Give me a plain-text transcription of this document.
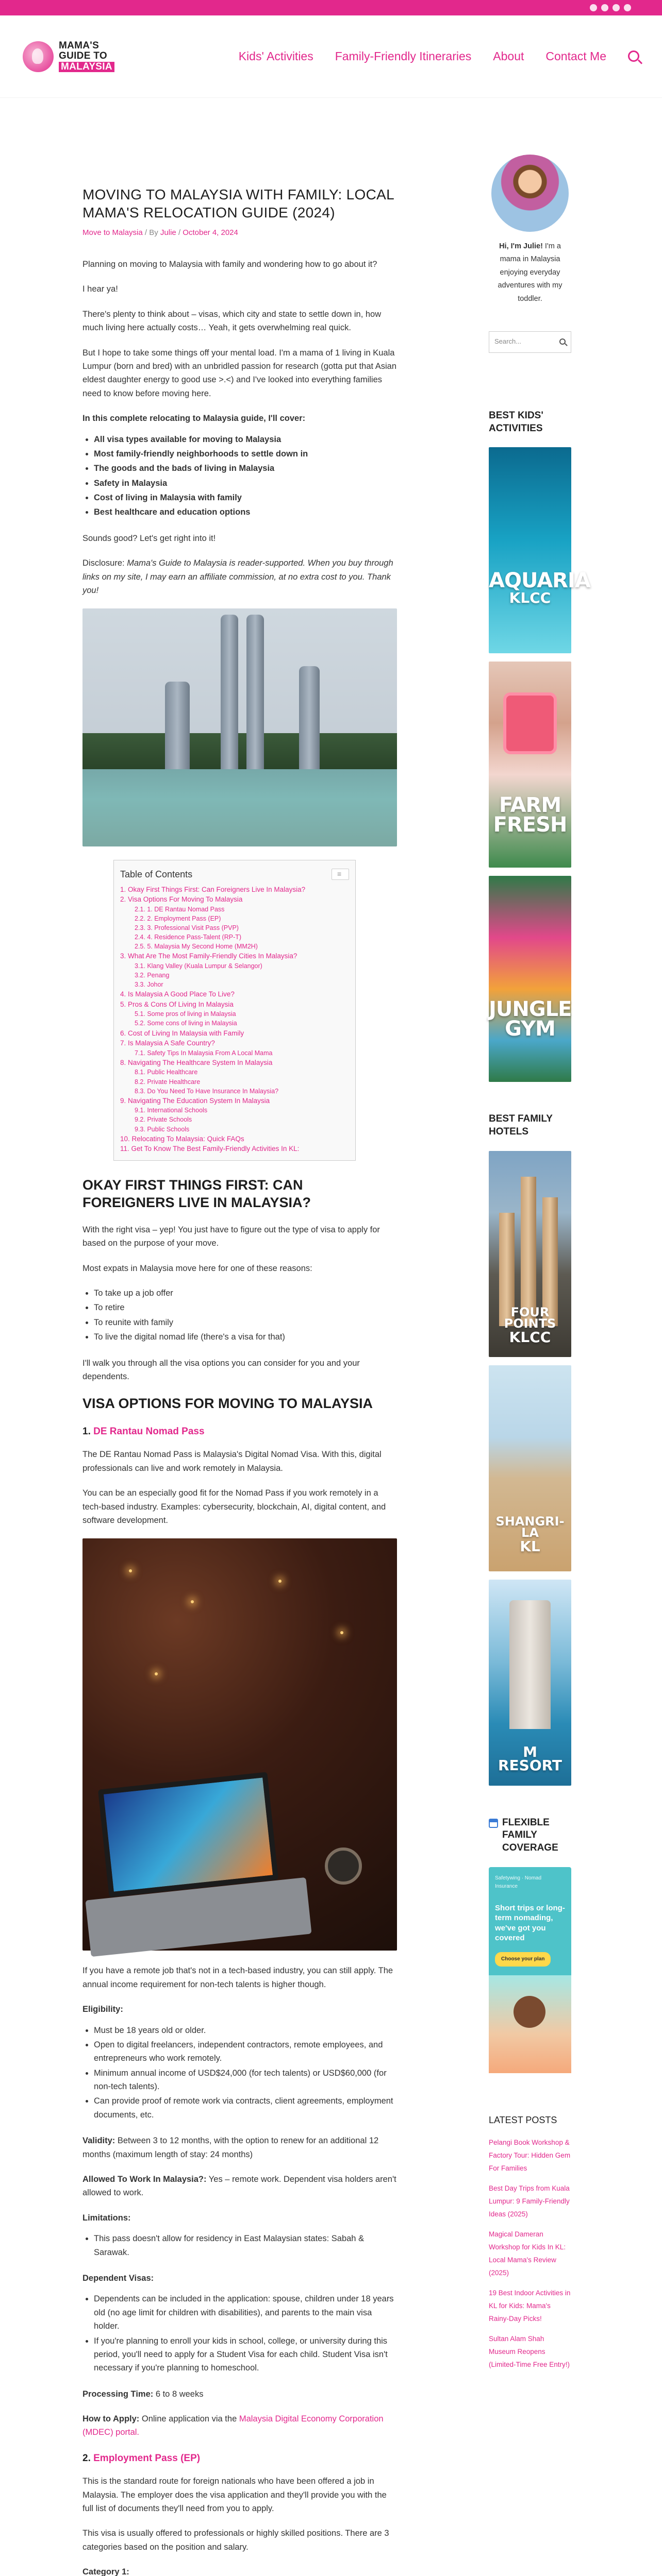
MAMA'S
GUIDE TO
MALAYSIA
Kids' Activities Family-Friendly Itineraries About Contact Me
MOVING TO MALAYSIA WITH FAMILY: LOCAL MAMA'S RELOCATION GUIDE (2024)
Move to Malaysia / By Julie / October 4, 2024

Planning on moving to Malaysia with family and wondering how to go about it?

I hear ya!

There's plenty to think about – visas, which city and state to settle down in, how much living here actually costs… Yeah, it gets overwhelming real quick.

But I hope to take some things off your mental load. I'm a mama of 1 living in Kuala Lumpur (born and bred) with an unbridled passion for research (gotta put that Asian eldest daughter energy to good use >.<) and I've looked into everything families need to know before moving here.

In this complete relocating to Malaysia guide, I'll cover:

• All visa types available for moving to Malaysia
• Most family-friendly neighborhoods to settle down in
• The goods and the bads of living in Malaysia
• Safety in Malaysia
• Cost of living in Malaysia with family
• Best healthcare and education options

Sounds good? Let's get right into it!

Disclosure: Mama's Guide to Malaysia is reader-supported. When you buy through links on my site, I may earn an affiliate commission, at no extra cost to you. Thank you!

Table of Contents
≡
1. Okay First Things First: Can Foreigners Live In Malaysia?
2. Visa Options For Moving To Malaysia
2.1. 1. DE Rantau Nomad Pass
2.2. 2. Employment Pass (EP)
2.3. 3. Professional Visit Pass (PVP)
2.4. 4. Residence Pass-Talent (RP-T)
2.5. 5. Malaysia My Second Home (MM2H)
3. What Are The Most Family-Friendly Cities In Malaysia?
3.1. Klang Valley (Kuala Lumpur & Selangor)
3.2. Penang
3.3. Johor
4. Is Malaysia A Good Place To Live?
5. Pros & Cons Of Living In Malaysia
5.1. Some pros of living in Malaysia
5.2. Some cons of living in Malaysia
6. Cost of Living In Malaysia with Family
7. Is Malaysia A Safe Country?
7.1. Safety Tips In Malaysia From A Local Mama
8. Navigating The Healthcare System In Malaysia
8.1. Public Healthcare
8.2. Private Healthcare
8.3. Do You Need To Have Insurance In Malaysia?
9. Navigating The Education System In Malaysia
9.1. International Schools
9.2. Private Schools
9.3. Public Schools
10. Relocating To Malaysia: Quick FAQs
11. Get To Know The Best Family-Friendly Activities In KL:
OKAY FIRST THINGS FIRST: CAN FOREIGNERS LIVE IN MALAYSIA?

With the right visa – yep! You just have to figure out the type of visa to apply for based on the purpose of your move.

Most expats in Malaysia move here for one of these reasons:

• To take up a job offer
• To retire
• To reunite with family
• To live the digital nomad life (there's a visa for that)

I'll walk you through all the visa options you can consider for you and your dependents.

VISA OPTIONS FOR MOVING TO MALAYSIA
1. DE Rantau Nomad Pass

The DE Rantau Nomad Pass is Malaysia's Digital Nomad Visa. With this, digital professionals can live and work remotely in Malaysia.

You can be an especially good fit for the Nomad Pass if you work remotely in a tech-based industry. Examples: cybersecurity, blockchain, AI, digital content, and software development.

If you have a remote job that's not in a tech-based industry, you can still apply. The annual income requirement for non-tech talents is higher though.

Eligibility:

• Must be 18 years old or older.
• Open to digital freelancers, independent contractors, remote employees, and entrepreneurs who work remotely.
• Minimum annual income of USD$24,000 (for tech talents) or USD$60,000 (for non-tech talents).
• Can provide proof of remote work via contracts, client agreements, employment documents, etc.

Validity: Between 3 to 12 months, with the option to renew for an additional 12 months (maximum length of stay: 24 months)

Allowed To Work In Malaysia?: Yes – remote work. Dependent visa holders aren't allowed to work.

Limitations:

• This pass doesn't allow for residency in East Malaysian states: Sabah & Sarawak.

Dependent Visas:

• Dependents can be included in the application: spouse, children under 18 years old (no age limit for children with disabilities), and parents to the main visa holder.
• If you're planning to enroll your kids in school, college, or university during this period, you'll need to apply for a Student Visa for each child. Student Visa isn't necessary if you're planning to homeschool.

Processing Time: 6 to 8 weeks

How to Apply: Online application via the Malaysia Digital Economy Corporation (MDEC) portal.

2. Employment Pass (EP)

This is the standard route for foreign nationals who have been offered a job in Malaysia. The employer does the visa application and they'll provide you with the full list of documents they'll need from you to apply.

This visa is usually offered to professionals or highly skilled positions. There are 3 categories based on the position and salary.

Category 1:

Hi, I'm Julie! I'm a mama in Malaysia enjoying everyday adventures with my toddler.
Search...
BEST KIDS' ACTIVITIES
AQUARIA
KLCC
FARM
FRESH
JUNGLE
GYM
BEST FAMILY HOTELS
FOUR POINTS
KLCC
SHANGRI-LA
KL
M RESORT
FLEXIBLE FAMILY COVERAGE
Safetywing · Nomad Insurance
Short trips or long-term nomading, we've got you covered
Choose your plan
LATEST POSTS
Pelangi Book Workshop & Factory Tour: Hidden Gem For Families
Best Day Trips from Kuala Lumpur: 9 Family-Friendly Ideas (2025)
Magical Dameran Workshop for Kids In KL: Local Mama's Review (2025)
19 Best Indoor Activities in KL for Kids: Mama's Rainy-Day Picks!
Sultan Alam Shah Museum Reopens (Limited-Time Free Entry!)
